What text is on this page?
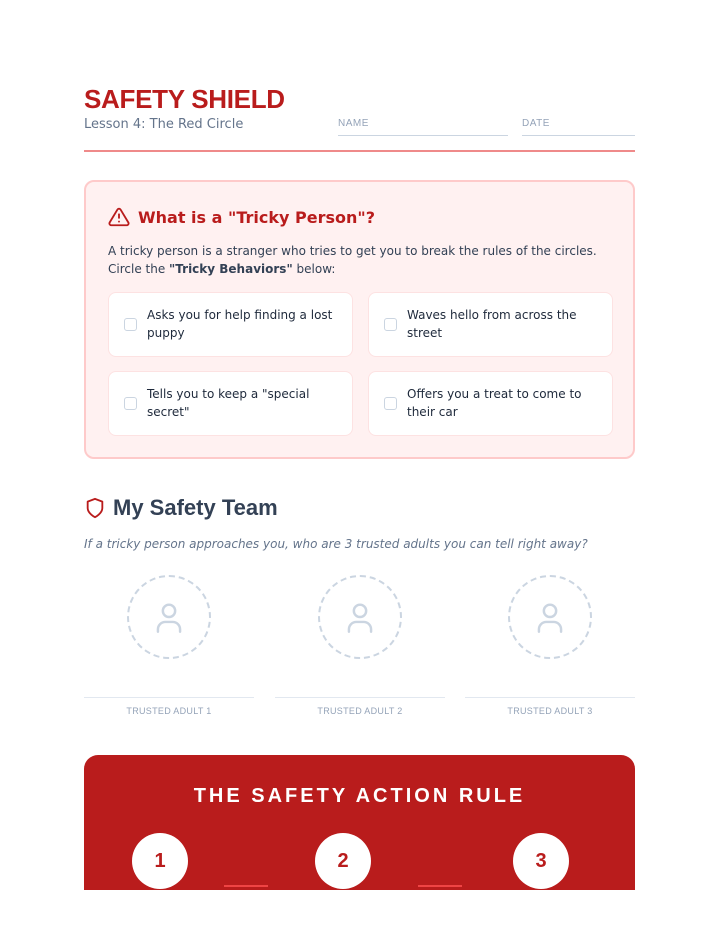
SAFETY SHIELD
Lesson 4: The Red Circle	NAME	DATE
What is a "Tricky Person"?
A tricky person is a stranger who tries to get you to break the rules of the circles. Circle the "Tricky Behaviors" below:
Asks you for help finding a lost puppy
Waves hello from across the street
Tells you to keep a "special secret"
Offers you a treat to come to their car
My Safety Team
If a tricky person approaches you, who are 3 trusted adults you can tell right away?
TRUSTED ADULT 1	TRUSTED ADULT 2	TRUSTED ADULT 3
THE SAFETY ACTION RULE
1	2	3
